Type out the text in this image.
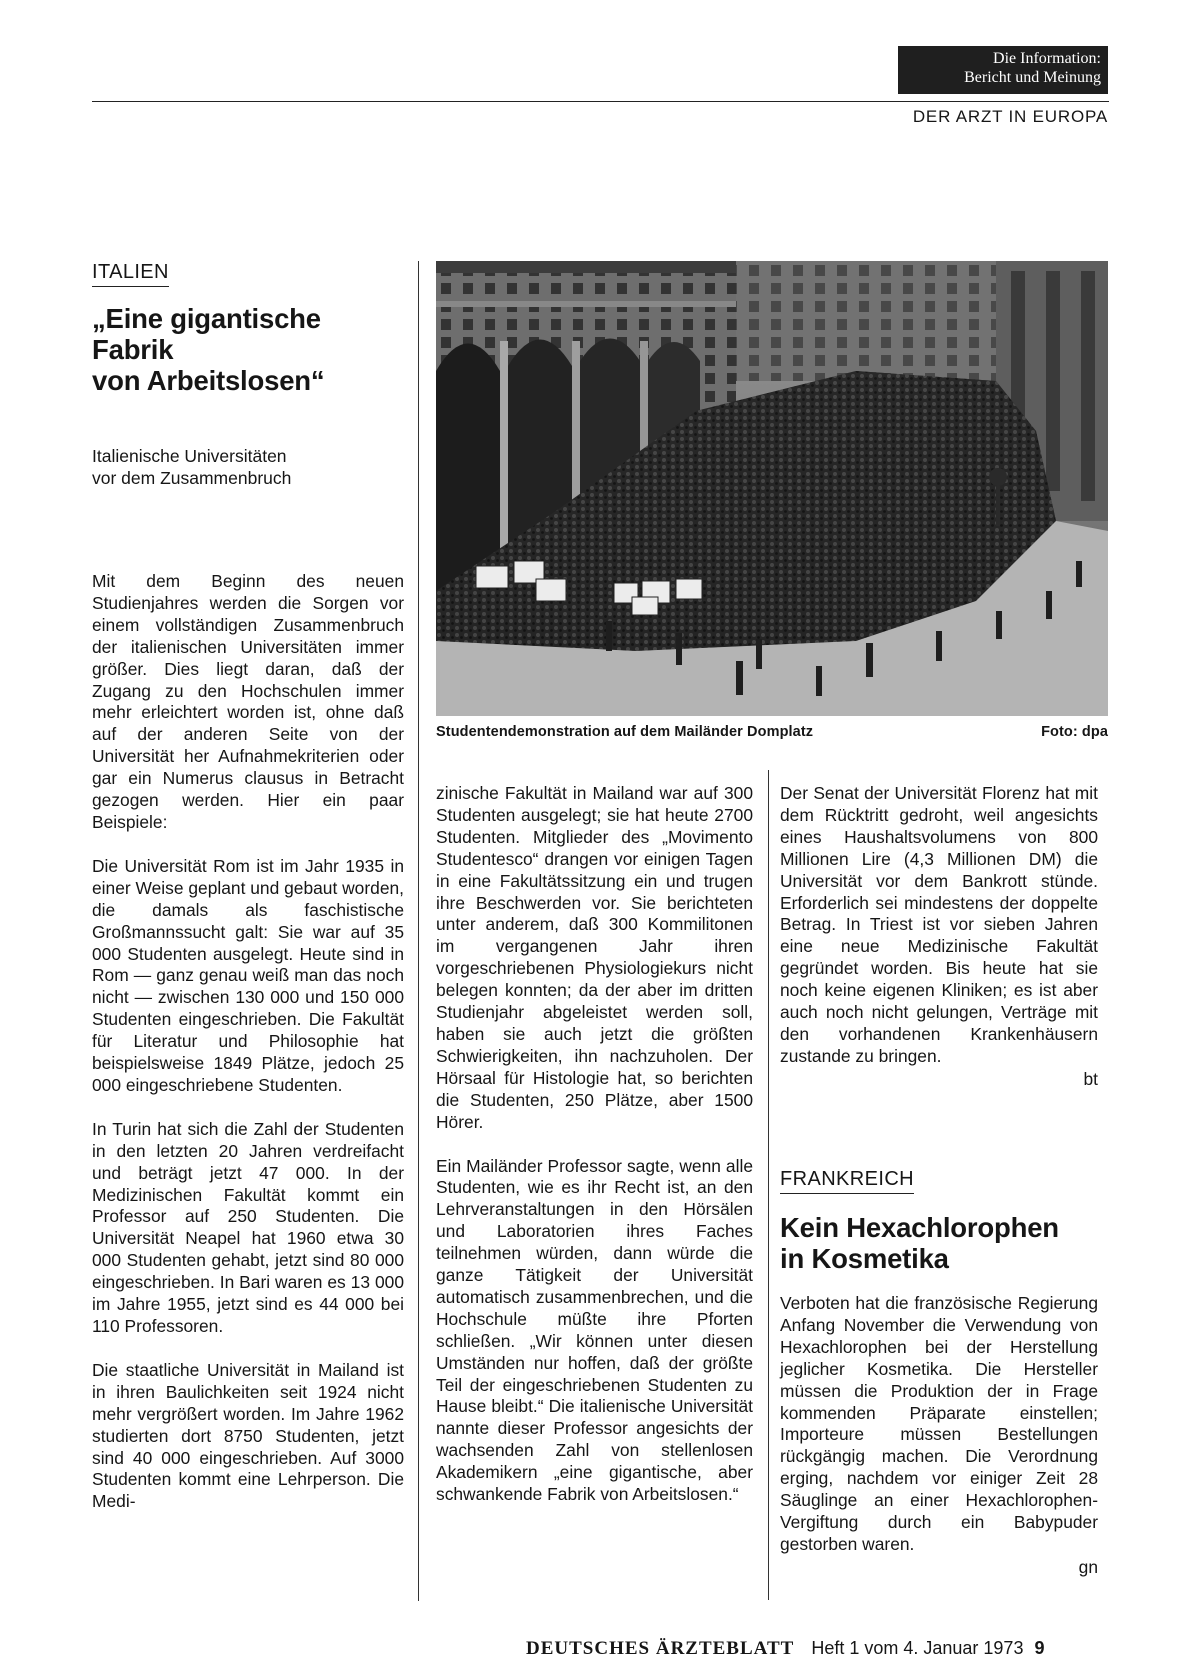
Die Information:
Bericht und Meinung
DER ARZT IN EUROPA
ITALIEN
„Eine gigantische
Fabrik
von Arbeitslosen“
Italienische Universitäten
vor dem Zusammenbruch

Mit dem Beginn des neuen Studienjahres werden die Sorgen vor einem vollständigen Zusammenbruch der italienischen Universitäten immer größer. Dies liegt daran, daß der Zugang zu den Hochschulen immer mehr erleichtert worden ist, ohne daß auf der anderen Seite von der Universität her Aufnahmekriterien oder gar ein Numerus clausus in Betracht gezogen werden. Hier ein paar Beispiele:

Die Universität Rom ist im Jahr 1935 in einer Weise geplant und gebaut worden, die damals als faschistische Großmannssucht galt: Sie war auf 35 000 Studenten ausgelegt. Heute sind in Rom — ganz genau weiß man das noch nicht — zwischen 130 000 und 150 000 Studenten eingeschrieben. Die Fakultät für Literatur und Philosophie hat beispielsweise 1849 Plätze, jedoch 25 000 eingeschriebene Studenten.

In Turin hat sich die Zahl der Studenten in den letzten 20 Jahren verdreifacht und beträgt jetzt 47 000. In der Medizinischen Fakultät kommt ein Professor auf 250 Studenten. Die Universität Neapel hat 1960 etwa 30 000 Studenten gehabt, jetzt sind 80 000 eingeschrieben. In Bari waren es 13 000 im Jahre 1955, jetzt sind es 44 000 bei 110 Professoren.

Die staatliche Universität in Mailand ist in ihren Baulichkeiten seit 1924 nicht mehr vergrößert worden. Im Jahre 1962 studierten dort 8750 Studenten, jetzt sind 40 000 eingeschrieben. Auf 3000 Studenten kommt eine Lehrperson. Die Medi-

Studentendemonstration auf dem Mailänder Domplatz	Foto: dpa

zinische Fakultät in Mailand war auf 300 Studenten ausgelegt; sie hat heute 2700 Studenten. Mitglieder des „Movimento Studentesco“ drangen vor einigen Tagen in eine Fakultätssitzung ein und trugen ihre Beschwerden vor. Sie berichteten unter anderem, daß 300 Kommilitonen im vergangenen Jahr ihren vorgeschriebenen Physiologiekurs nicht belegen konnten; da der aber im dritten Studienjahr abgeleistet werden soll, haben sie auch jetzt die größten Schwierigkeiten, ihn nachzuholen. Der Hörsaal für Histologie hat, so berichten die Studenten, 250 Plätze, aber 1500 Hörer.

Ein Mailänder Professor sagte, wenn alle Studenten, wie es ihr Recht ist, an den Lehrveranstaltungen in den Hörsälen und Laboratorien ihres Faches teilnehmen würden, dann würde die ganze Tätigkeit der Universität automatisch zusammenbrechen, und die Hochschule müßte ihre Pforten schließen. „Wir können unter diesen Umständen nur hoffen, daß der größte Teil der eingeschriebenen Studenten zu Hause bleibt.“ Die italienische Universität nannte dieser Professor angesichts der wachsenden Zahl von stellenlosen Akademikern „eine gigantische, aber schwankende Fabrik von Arbeitslosen.“

Der Senat der Universität Florenz hat mit dem Rücktritt gedroht, weil angesichts eines Haushaltsvolumens von 800 Millionen Lire (4,3 Millionen DM) die Universität vor dem Bankrott stünde. Erforderlich sei mindestens der doppelte Betrag. In Triest ist vor sieben Jahren eine neue Medizinische Fakultät gegründet worden. Bis heute hat sie noch keine eigenen Kliniken; es ist aber auch noch nicht gelungen, Verträge mit den vorhandenen Krankenhäusern zustande zu bringen.

bt
FRANKREICH
Kein Hexachlorophen
in Kosmetika

Verboten hat die französische Regierung Anfang November die Verwendung von Hexachlorophen bei der Herstellung jeglicher Kosmetika. Die Hersteller müssen die Produktion der in Frage kommenden Präparate einstellen; Importeure müssen Bestellungen rückgängig machen. Die Verordnung erging, nachdem vor einiger Zeit 28 Säuglinge an einer Hexachlorophen-Vergiftung durch ein Babypuder gestorben waren.

gn
DEUTSCHES ÄRZTEBLATT Heft 1 vom 4. Januar 1973 9
